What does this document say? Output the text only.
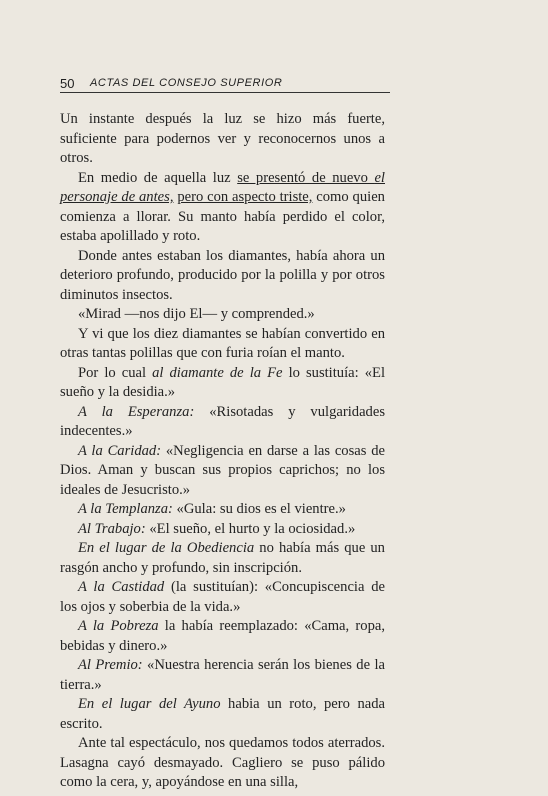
50 ACTAS DEL CONSEJO SUPERIOR

Un instante después la luz se hizo más fuerte, suficiente para podernos ver y reconocernos unos a otros.

En medio de aquella luz se presentó de nuevo el personaje de antes, pero con aspecto triste, como quien comienza a llorar. Su manto había perdido el color, estaba apolillado y roto.

Donde antes estaban los diamantes, había ahora un deterioro profundo, producido por la polilla y por otros diminutos insectos.

«Mirad —nos dijo El— y comprended.»

Y vi que los diez diamantes se habían convertido en otras tantas polillas que con furia roían el manto.

Por lo cual al diamante de la Fe lo sustituía: «El sueño y la desidia.»

A la Esperanza: «Risotadas y vulgaridades indecentes.»

A la Caridad: «Negligencia en darse a las cosas de Dios. Aman y buscan sus propios caprichos; no los ideales de Jesucristo.»

A la Templanza: «Gula: su dios es el vientre.»

Al Trabajo: «El sueño, el hurto y la ociosidad.»

En el lugar de la Obediencia no había más que un rasgón ancho y profundo, sin inscripción.

A la Castidad (la sustituían): «Concupiscencia de los ojos y soberbia de la vida.»

A la Pobreza la había reemplazado: «Cama, ropa, bebidas y dinero.»

Al Premio: «Nuestra herencia serán los bienes de la tierra.»

En el lugar del Ayuno habia un roto, pero nada escrito.

Ante tal espectáculo, nos quedamos todos aterrados. Lasagna cayó desmayado. Cagliero se puso pálido como la cera, y, apoyándose en una silla,
